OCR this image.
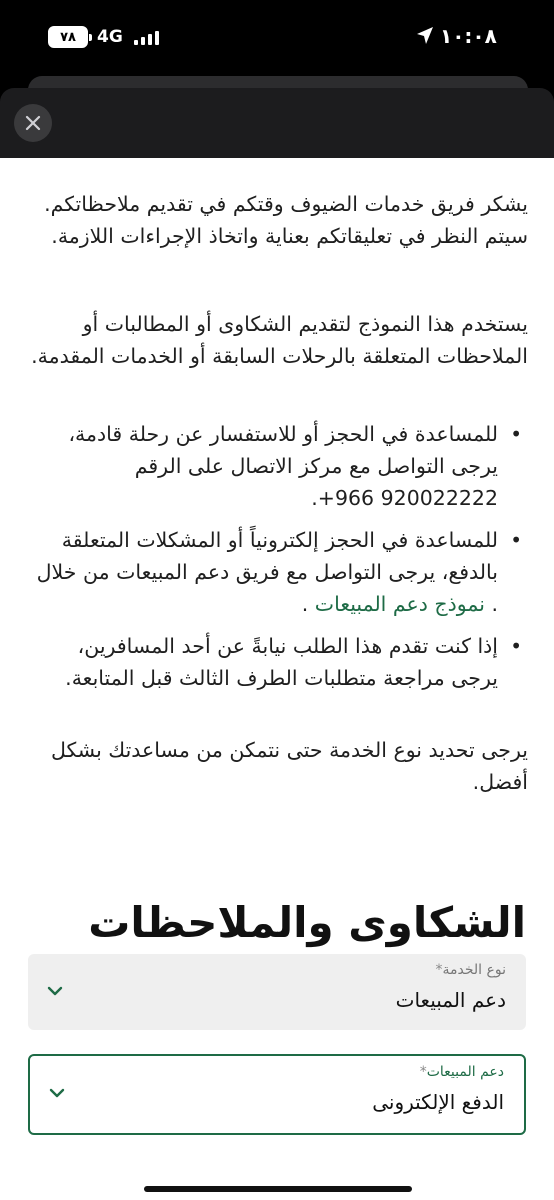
٧٨ 4G	١٠:٠٨

يشكر فريق خدمات الضيوف وقتكم في تقديم ملاحظاتكم. سيتم النظر في تعليقاتكم بعناية واتخاذ الإجراءات اللازمة.

يستخدم هذا النموذج لتقديم الشكاوى أو المطالبات أو الملاحظات المتعلقة بالرحلات السابقة أو الخدمات المقدمة.

• للمساعدة في الحجز أو للاستفسار عن رحلة قادمة، يرجى التواصل مع مركز الاتصال على الرقم 920022222 966+.
• للمساعدة في الحجز إلكترونياً أو المشكلات المتعلقة بالدفع، يرجى التواصل مع فريق دعم المبيعات من خلال . نموذج دعم المبيعات .
• إذا كنت تقدم هذا الطلب نيابةً عن أحد المسافرين، يرجى مراجعة متطلبات الطرف الثالث قبل المتابعة.

يرجى تحديد نوع الخدمة حتى نتمكن من مساعدتك بشكل أفضل.

الشكاوى والملاحظات
نوع الخدمة*
دعم المبيعات
دعم المبيعات*
الدفع الإلكترونى
